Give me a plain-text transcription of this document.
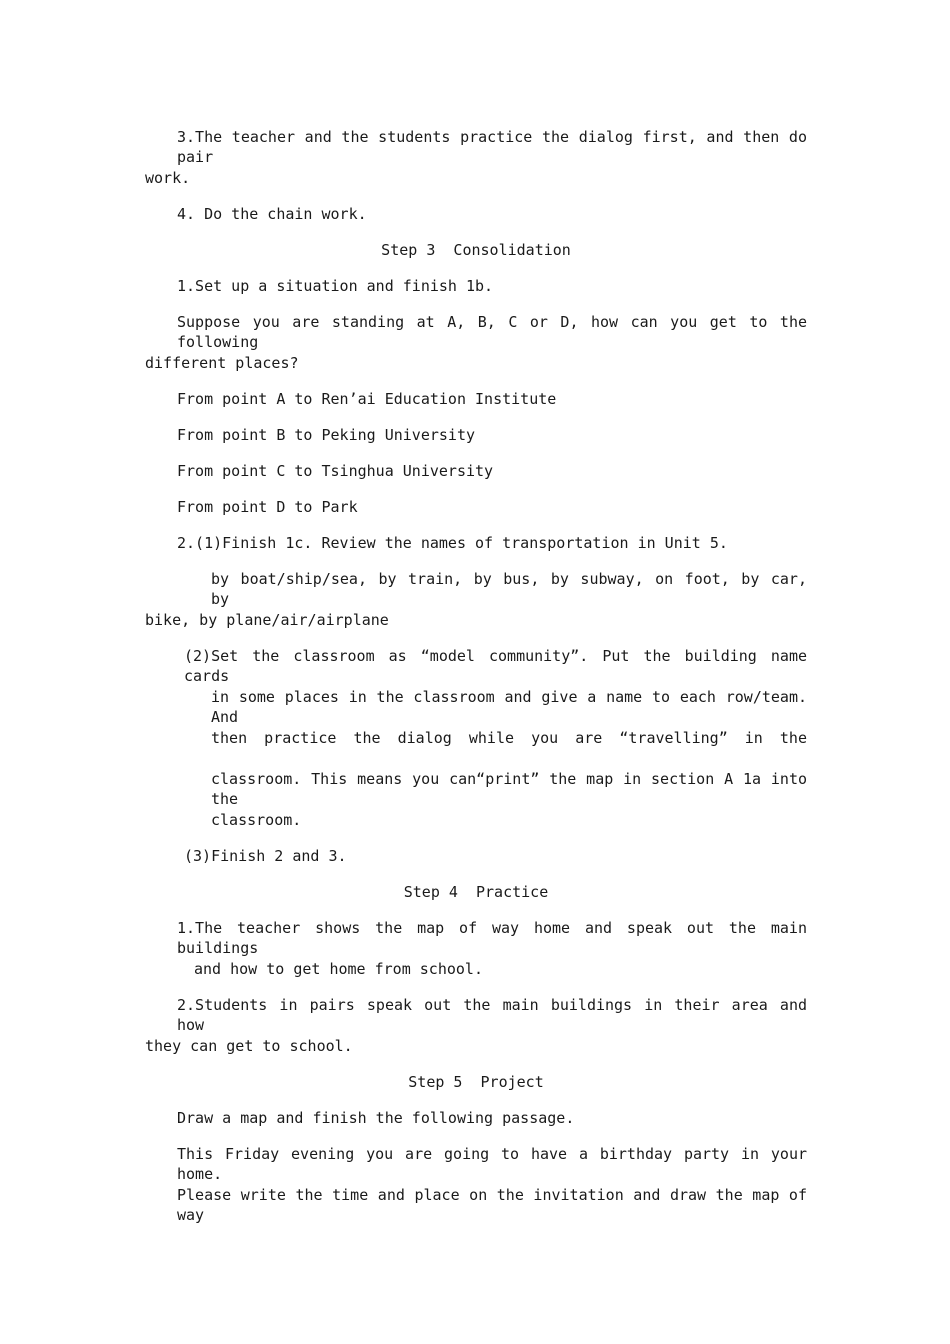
3.The teacher and the students practice the dialog first, and then do pair
work.
4. Do the chain work.
Step 3  Consolidation
1.Set up a situation and finish 1b.
Suppose you are standing at A, B, C or D, how can you get to the following
different places?
From point A to Ren’ai Education Institute
From point B to Peking University
From point C to Tsinghua University
From point D to Park
2.(1)Finish 1c. Review the names of transportation in Unit 5.
by boat/ship/sea, by train, by bus, by subway, on foot, by car, by
bike, by plane/air/airplane
(2)Set the classroom as “model community”. Put the building name cards
in some places in the classroom and give a name to each row/team. And
then practice the dialog while you are “travelling” in the
classroom. This means you can“print” the map in section A 1a into the
classroom.
(3)Finish 2 and 3.
Step 4  Practice
1.The teacher shows the map of way home and speak out the main buildings
and how to get home from school.
2.Students in pairs speak out the main buildings in their area and how
they can get to school.
Step 5  Project
Draw a map and finish the following passage.
This Friday evening you are going to have a birthday party in your home.
Please write the time and place on the invitation and draw the map of way
